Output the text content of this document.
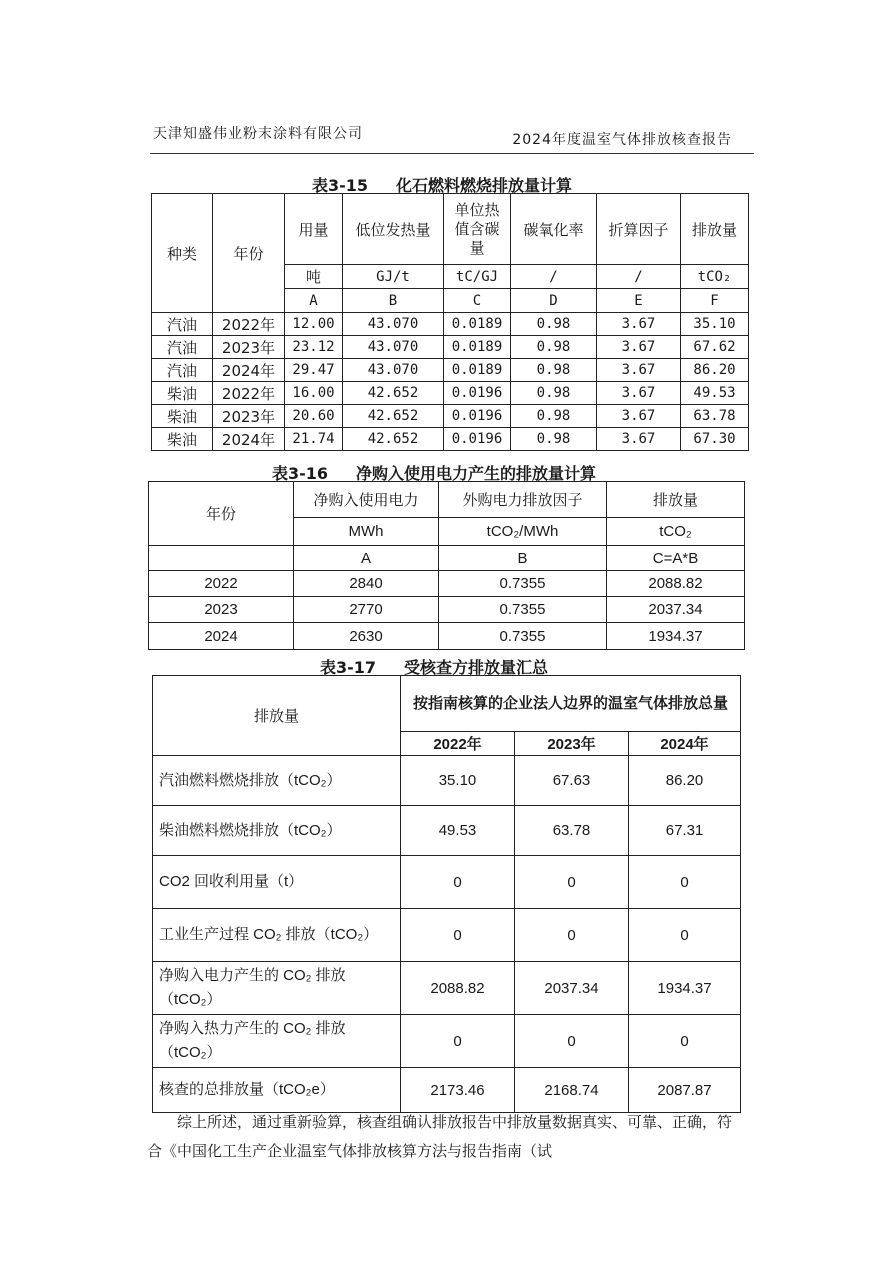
天津知盛伟业粉末涂料有限公司	2024年度温室气体排放核查报告
表3-15 化石燃料燃烧排放量计算
种类	年份	用量	低位发热量	单位热值含碳量	碳氧化率	折算因子	排放量
		吨	GJ/t	tC/GJ	/	/	tCO₂
		A	B	C	D	E	F
汽油	2022年	12.00	43.070	0.0189	0.98	3.67	35.10
汽油	2023年	23.12	43.070	0.0189	0.98	3.67	67.62
汽油	2024年	29.47	43.070	0.0189	0.98	3.67	86.20
柴油	2022年	16.00	42.652	0.0196	0.98	3.67	49.53
柴油	2023年	20.60	42.652	0.0196	0.98	3.67	63.78
柴油	2024年	21.74	42.652	0.0196	0.98	3.67	67.30
表3-16 净购入使用电力产生的排放量计算
年份	净购入使用电力	外购电力排放因子	排放量
	MWh	tCO₂/MWh	tCO₂
	A	B	C=A*B
2022	2840	0.7355	2088.82
2023	2770	0.7355	2037.34
2024	2630	0.7355	1934.37
表3-17 受核查方排放量汇总
排放量	按指南核算的企业法人边界的温室气体排放总量		
	2022年	2023年	2024年
汽油燃料燃烧排放（tCO₂）	35.10	67.63	86.20
柴油燃料燃烧排放（tCO₂）	49.53	63.78	67.31
CO2 回收利用量（t）	0	0	0
工业生产过程 CO₂ 排放（tCO₂）	0	0	0
净购入电力产生的 CO₂ 排放（tCO₂）	2088.82	2037.34	1934.37
净购入热力产生的 CO₂ 排放（tCO₂）	0	0	0
核查的总排放量（tCO₂e）	2173.46	2168.74	2087.87

综上所述，通过重新验算，核查组确认排放报告中排放量数据真实、可靠、正确，符合《中国化工生产企业温室气体排放核算方法与报告指南（试
